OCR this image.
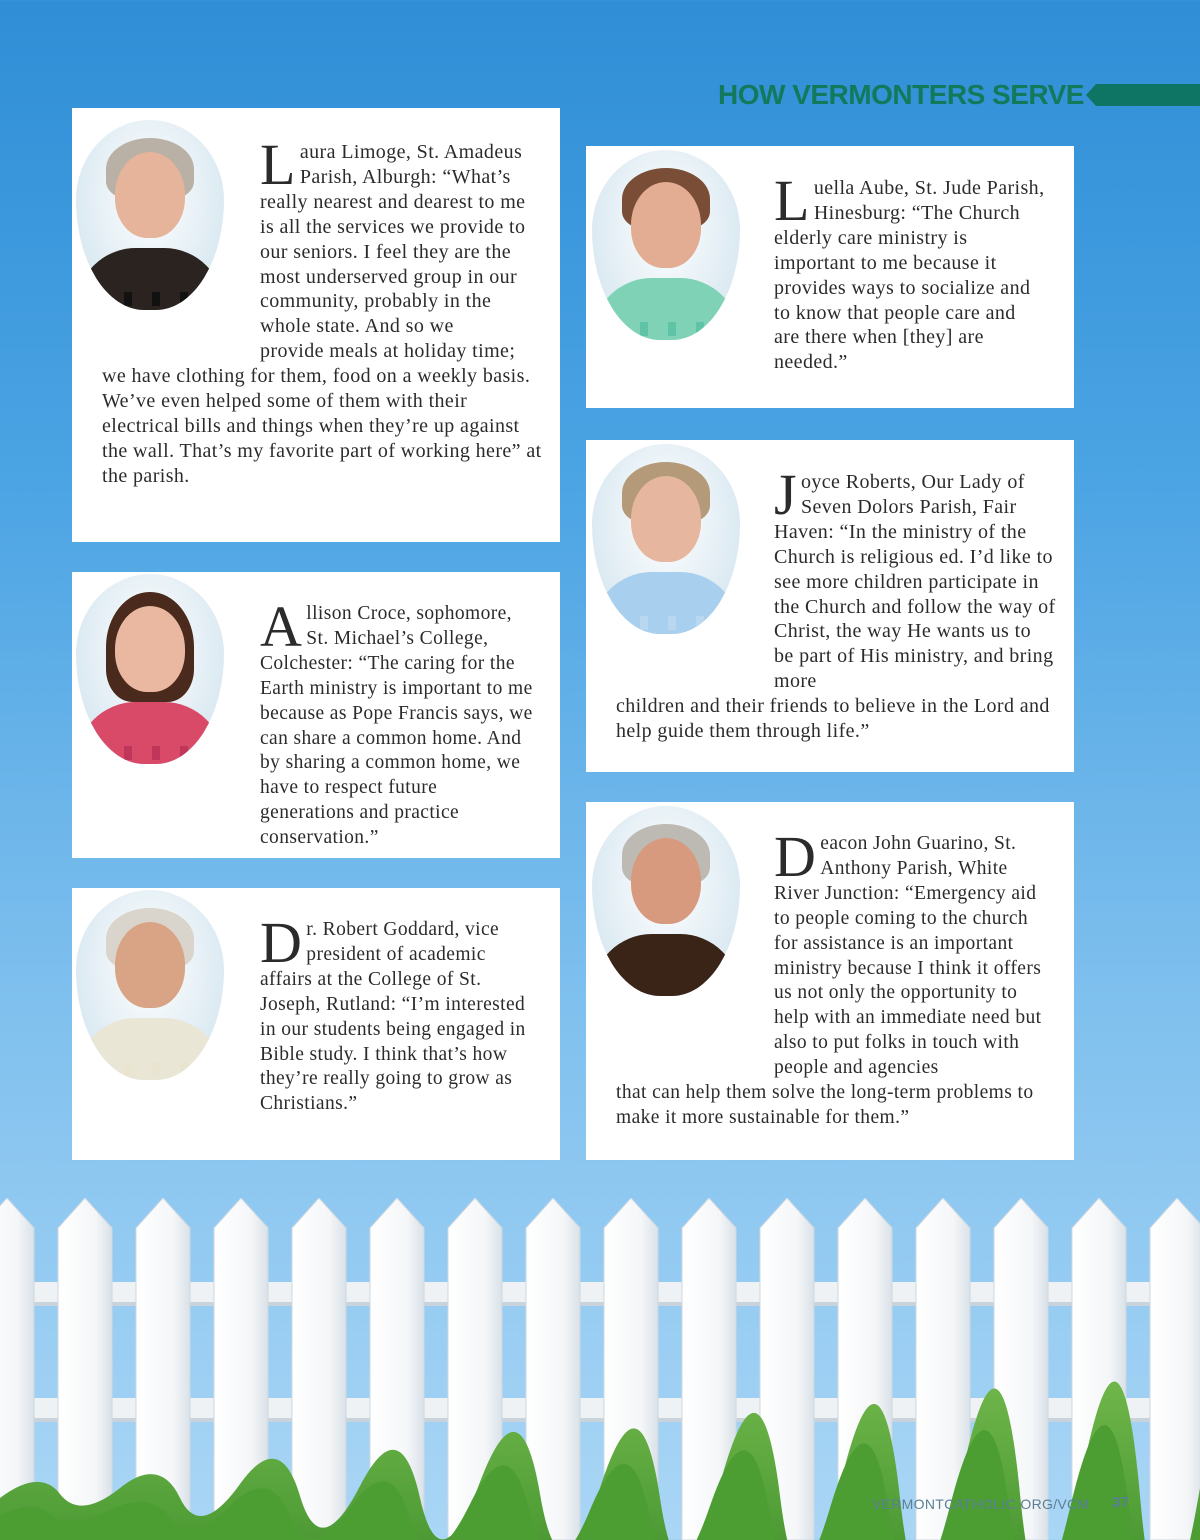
HOW VERMONTERS SERVE
L aura Limoge, St. Amadeus Parish, Alburgh: “What’s really nearest and dearest to me is all the services we provide to our seniors. I feel they are the most underserved group in our community, probably in the whole state. And so we
provide meals at holiday time; we have clothing for them, food on a weekly basis. We’ve even helped some of them with their electrical bills and things when they’re up against the wall. That’s my favorite part of working here” at the parish.
L uella Aube, St. Jude Parish, Hinesburg: “The Church elderly care ministry is important to me because it provides ways to socialize and to know that people care and are there when [they] are needed.”
A llison Croce, sophomore, St. Michael’s College, Colchester: “The caring for the Earth ministry is important to me because as Pope Francis says, we can share a common home. And by sharing a common home, we have to respect future generations and practice conservation.”
J oyce Roberts, Our Lady of Seven Dolors Parish, Fair Haven: “In the ministry of the Church is religious ed. I’d like to see more children participate in the Church and follow the way of Christ, the way He wants us to be part of His ministry, and bring more
children and their friends to believe in the Lord and help guide them through life.”
D r. Robert Goddard, vice president of academic affairs at the College of St. Joseph, Rutland: “I’m interested in our students being engaged in Bible study. I think that’s how they’re really going to grow as Christians.”
D eacon John Guarino, St. Anthony Parish, White River Junction: “Emergency aid to people coming to the church for assistance is an important ministry because I think it offers us not only the opportunity to help with an immediate need but also to put folks in touch with people and agencies
that can help them solve the long-term problems to make it more sustainable for them.”
VERMONTCATHOLIC.ORG/VCM 37
